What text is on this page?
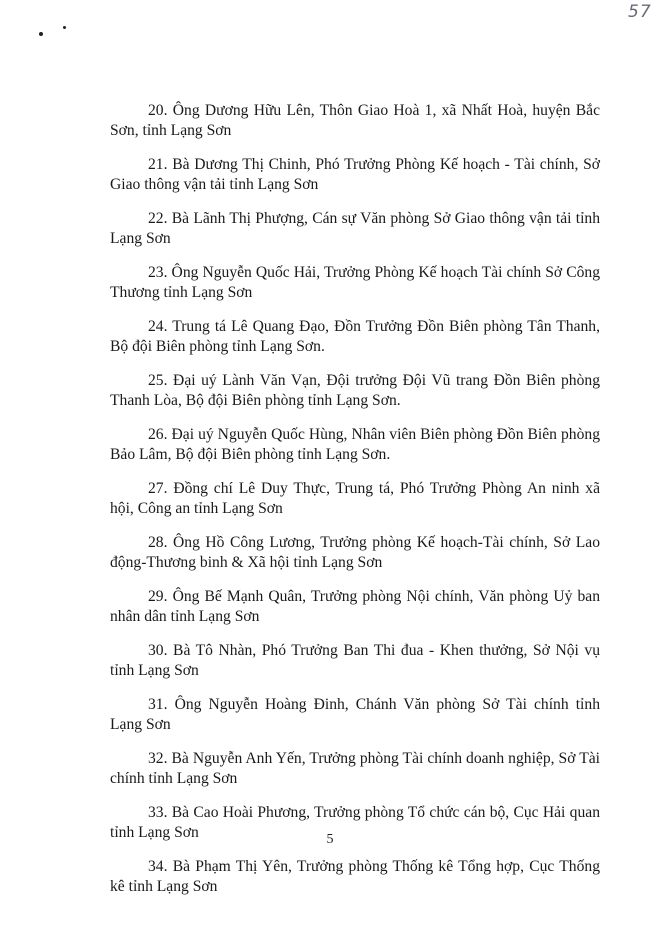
57

20. Ông Dương Hữu Lên, Thôn Giao Hoà 1, xã Nhất Hoà, huyện Bắc Sơn, tỉnh Lạng Sơn

21. Bà Dương Thị Chinh, Phó Trưởng Phòng Kế hoạch - Tài chính, Sở Giao thông vận tải tỉnh Lạng Sơn

22. Bà Lãnh Thị Phượng, Cán sự Văn phòng Sở Giao thông vận tải tỉnh Lạng Sơn

23. Ông Nguyễn Quốc Hải, Trưởng Phòng Kế hoạch Tài chính Sở Công Thương tỉnh Lạng Sơn

24. Trung tá Lê Quang Đạo, Đồn Trưởng Đồn Biên phòng Tân Thanh, Bộ đội Biên phòng tỉnh Lạng Sơn.

25. Đại uý Lành Văn Vạn, Đội trưởng Đội Vũ trang Đồn Biên phòng Thanh Lòa, Bộ đội Biên phòng tỉnh Lạng Sơn.

26. Đại uý Nguyễn Quốc Hùng, Nhân viên Biên phòng Đồn Biên phòng Bảo Lâm, Bộ đội Biên phòng tỉnh Lạng Sơn.

27. Đồng chí Lê Duy Thực, Trung tá, Phó Trưởng Phòng An ninh xã hội, Công an tỉnh Lạng Sơn

28. Ông Hồ Công Lương, Trưởng phòng Kế hoạch-Tài chính, Sở Lao động-Thương binh & Xã hội tỉnh Lạng Sơn

29. Ông Bế Mạnh Quân, Trưởng phòng Nội chính, Văn phòng Uỷ ban nhân dân tỉnh Lạng Sơn

30. Bà Tô Nhàn, Phó Trưởng Ban Thi đua - Khen thưởng, Sở Nội vụ tỉnh Lạng Sơn

31. Ông Nguyễn Hoàng Đinh, Chánh Văn phòng Sở Tài chính tỉnh Lạng Sơn

32. Bà Nguyễn Anh Yến, Trưởng phòng Tài chính doanh nghiệp, Sở Tài chính tỉnh Lạng Sơn

33. Bà Cao Hoài Phương, Trưởng phòng Tổ chức cán bộ, Cục Hải quan tỉnh Lạng Sơn

34. Bà Phạm Thị Yên, Trưởng phòng Thống kê Tổng hợp, Cục Thống kê tỉnh Lạng Sơn

5
